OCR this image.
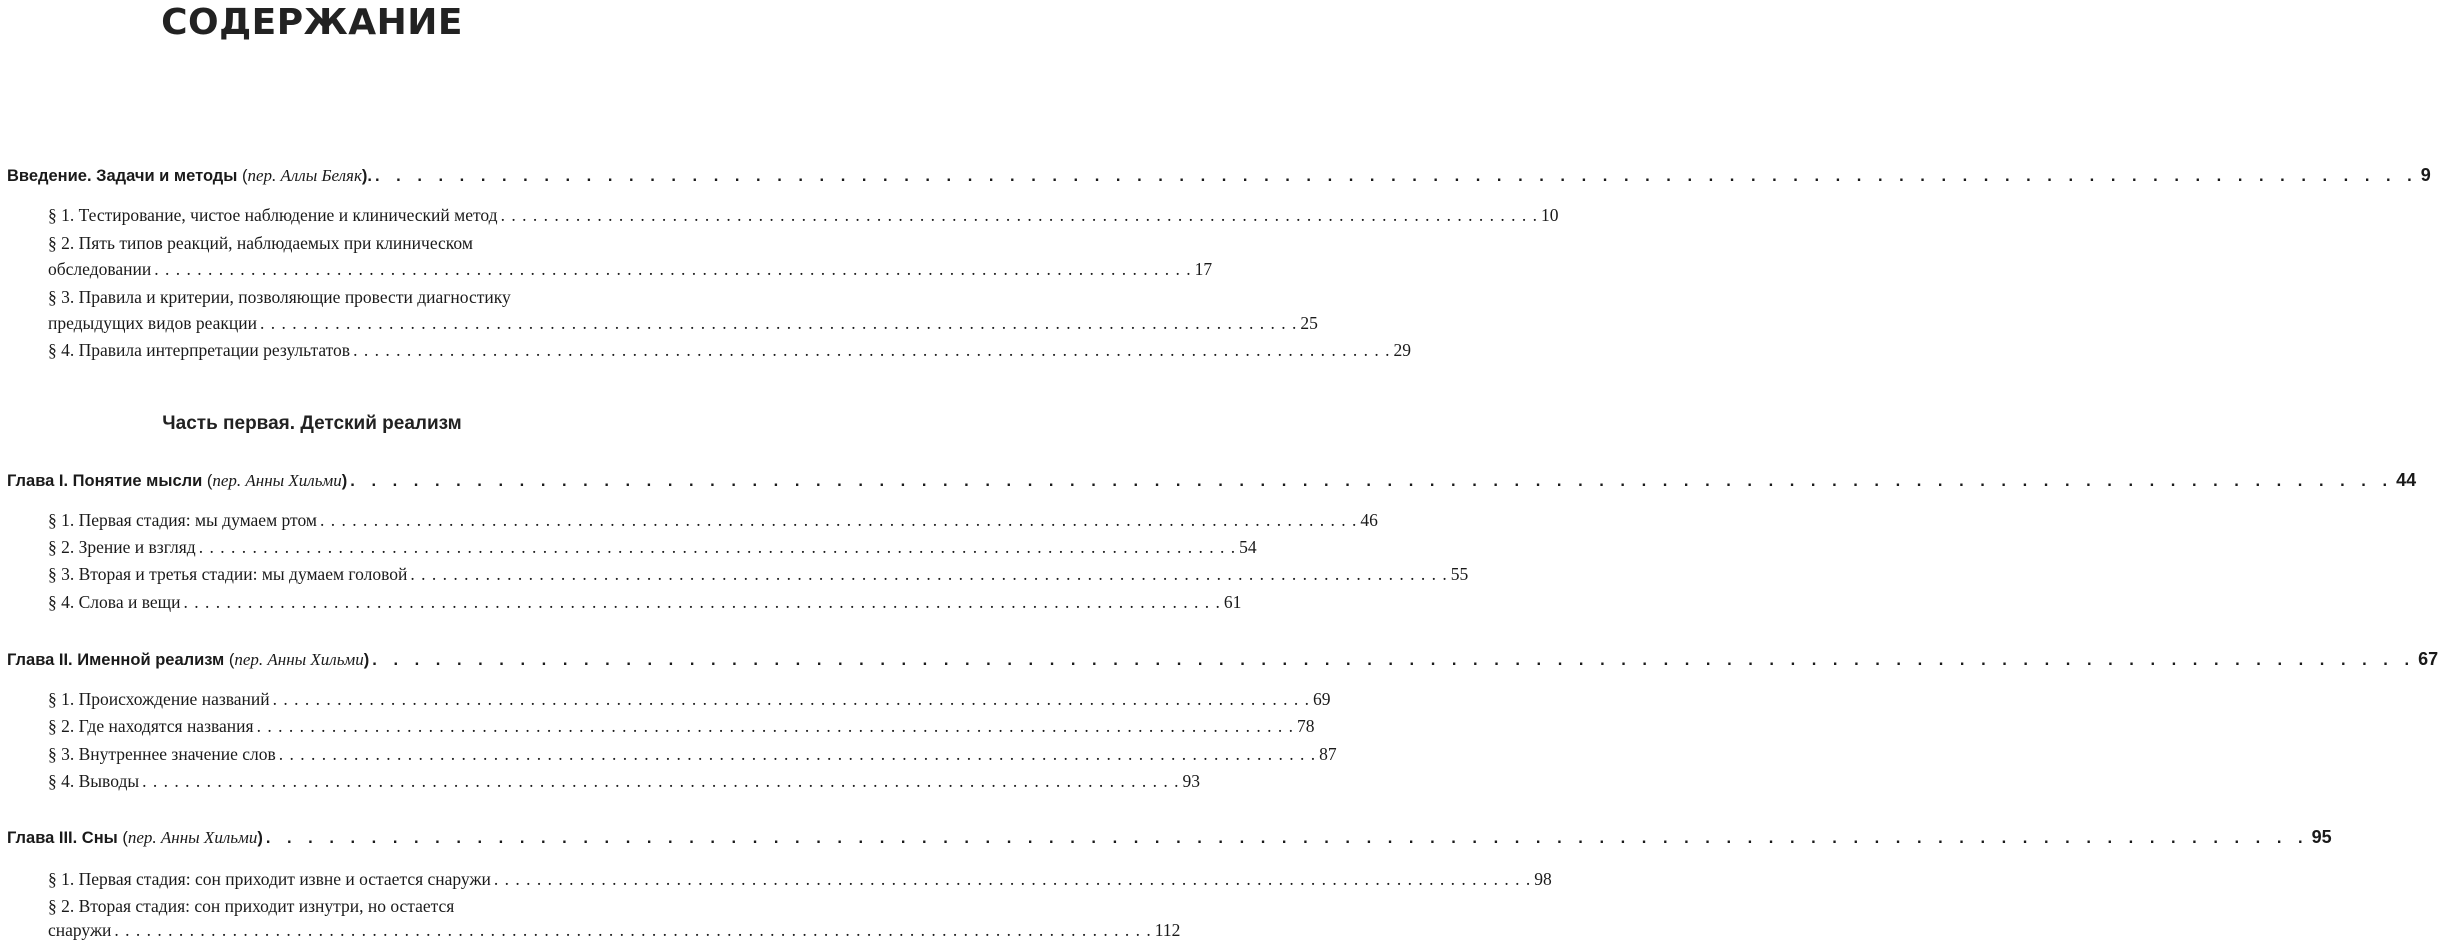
СОДЕРЖАНИЕ
Введение. Задачи и методы (пер. Аллы Беляк). . . . . . . . . . . . . . . . . . . . . . . . . . . . . . . . . . . . . . . . . . . . . . . . . . . . . . . . . . . . . . . . . . . . . . . . . . . . . . . . . . . . . . . . . . . . . . . . . . 9
§ 1. Тестирование, чистое наблюдение и клинический метод . . . . . . . . . . . . . . . . . . . . . . . . . . . . . . . . . . . . . . . . . . . . . . . . . . . . . . . . . . . . . . . . . . . . . . . . . . . . . . . . . . . . . . . . . . . . . . . . . 10
§ 2. Пять типов реакций, наблюдаемых при клиническом
обследовании . . . . . . . . . . . . . . . . . . . . . . . . . . . . . . . . . . . . . . . . . . . . . . . . . . . . . . . . . . . . . . . . . . . . . . . . . . . . . . . . . . . . . . . . . . . . . . . . . 17
§ 3. Правила и критерии, позволяющие провести диагностику
предыдущих видов реакции . . . . . . . . . . . . . . . . . . . . . . . . . . . . . . . . . . . . . . . . . . . . . . . . . . . . . . . . . . . . . . . . . . . . . . . . . . . . . . . . . . . . . . . . . . . . . . . . . 25
§ 4. Правила интерпретации результатов . . . . . . . . . . . . . . . . . . . . . . . . . . . . . . . . . . . . . . . . . . . . . . . . . . . . . . . . . . . . . . . . . . . . . . . . . . . . . . . . . . . . . . . . . . . . . . . . . 29
Часть первая. Детский реализм
Глава I. Понятие мысли (пер. Анны Хильми) . . . . . . . . . . . . . . . . . . . . . . . . . . . . . . . . . . . . . . . . . . . . . . . . . . . . . . . . . . . . . . . . . . . . . . . . . . . . . . . . . . . . . . . . . . . . . . . . . 44
§ 1. Первая стадия: мы думаем ртом . . . . . . . . . . . . . . . . . . . . . . . . . . . . . . . . . . . . . . . . . . . . . . . . . . . . . . . . . . . . . . . . . . . . . . . . . . . . . . . . . . . . . . . . . . . . . . . . . 46
§ 2. Зрение и взгляд . . . . . . . . . . . . . . . . . . . . . . . . . . . . . . . . . . . . . . . . . . . . . . . . . . . . . . . . . . . . . . . . . . . . . . . . . . . . . . . . . . . . . . . . . . . . . . . . . 54
§ 3. Вторая и третья стадии: мы думаем головой . . . . . . . . . . . . . . . . . . . . . . . . . . . . . . . . . . . . . . . . . . . . . . . . . . . . . . . . . . . . . . . . . . . . . . . . . . . . . . . . . . . . . . . . . . . . . . . . . 55
§ 4. Слова и вещи . . . . . . . . . . . . . . . . . . . . . . . . . . . . . . . . . . . . . . . . . . . . . . . . . . . . . . . . . . . . . . . . . . . . . . . . . . . . . . . . . . . . . . . . . . . . . . . . . 61
Глава II. Именной реализм (пер. Анны Хильми) . . . . . . . . . . . . . . . . . . . . . . . . . . . . . . . . . . . . . . . . . . . . . . . . . . . . . . . . . . . . . . . . . . . . . . . . . . . . . . . . . . . . . . . . . . . . . . . . . 67
§ 1. Происхождение названий . . . . . . . . . . . . . . . . . . . . . . . . . . . . . . . . . . . . . . . . . . . . . . . . . . . . . . . . . . . . . . . . . . . . . . . . . . . . . . . . . . . . . . . . . . . . . . . . . 69
§ 2. Где находятся названия . . . . . . . . . . . . . . . . . . . . . . . . . . . . . . . . . . . . . . . . . . . . . . . . . . . . . . . . . . . . . . . . . . . . . . . . . . . . . . . . . . . . . . . . . . . . . . . . . 78
§ 3. Внутреннее значение слов . . . . . . . . . . . . . . . . . . . . . . . . . . . . . . . . . . . . . . . . . . . . . . . . . . . . . . . . . . . . . . . . . . . . . . . . . . . . . . . . . . . . . . . . . . . . . . . . . 87
§ 4. Выводы . . . . . . . . . . . . . . . . . . . . . . . . . . . . . . . . . . . . . . . . . . . . . . . . . . . . . . . . . . . . . . . . . . . . . . . . . . . . . . . . . . . . . . . . . . . . . . . . . 93
Глава III. Сны (пер. Анны Хильми) . . . . . . . . . . . . . . . . . . . . . . . . . . . . . . . . . . . . . . . . . . . . . . . . . . . . . . . . . . . . . . . . . . . . . . . . . . . . . . . . . . . . . . . . . . . . . . . . . 95
§ 1. Первая стадия: сон приходит извне и остается снаружи . . . . . . . . . . . . . . . . . . . . . . . . . . . . . . . . . . . . . . . . . . . . . . . . . . . . . . . . . . . . . . . . . . . . . . . . . . . . . . . . . . . . . . . . . . . . . . . . . 98
§ 2. Вторая стадия: сон приходит изнутри, но остается
снаружи . . . . . . . . . . . . . . . . . . . . . . . . . . . . . . . . . . . . . . . . . . . . . . . . . . . . . . . . . . . . . . . . . . . . . . . . . . . . . . . . . . . . . . . . . . . . . . . . . 112
